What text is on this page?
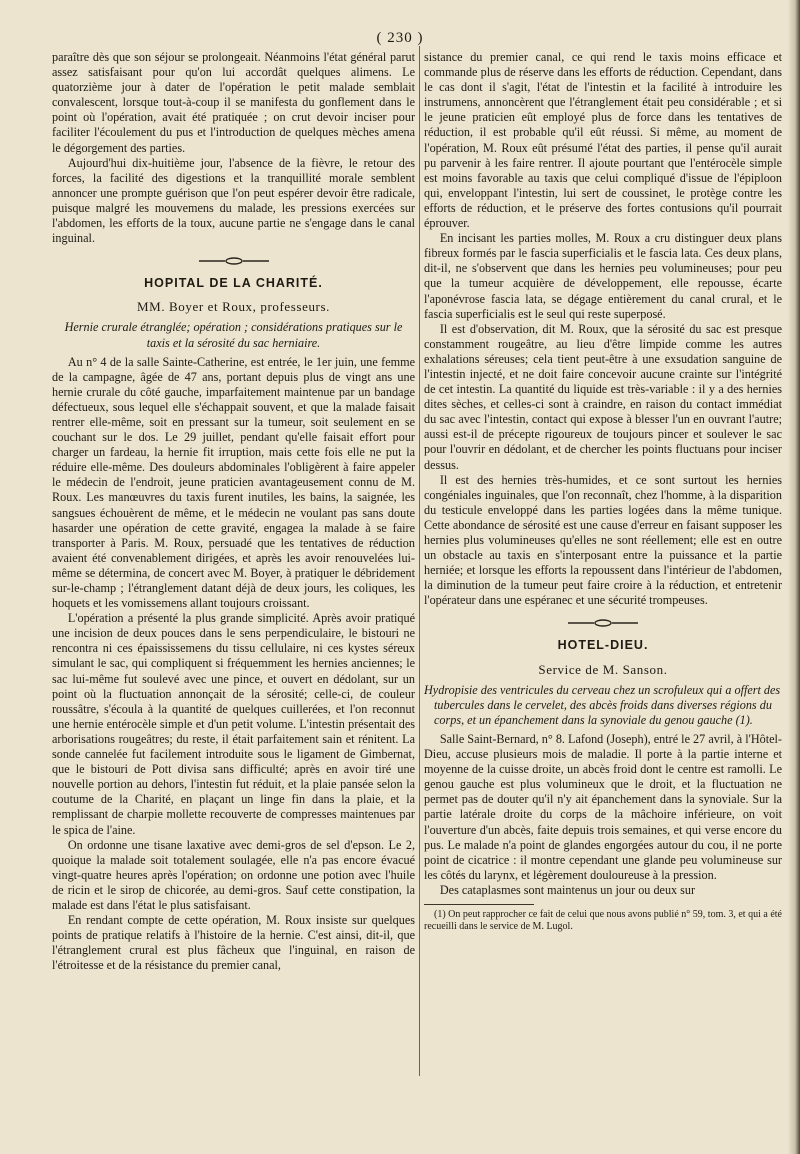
( 230 )

paraître dès que son séjour se prolongeait. Néanmoins l'état général parut assez satisfaisant pour qu'on lui accordât quelques alimens. Le quatorzième jour à dater de l'opération le petit malade semblait convalescent, lorsque tout-à-coup il se manifesta du gonflement dans le point où l'opération, avait été pratiquée ; on crut devoir inciser pour faciliter l'écoulement du pus et l'introduction de quelques mèches amena le dégorgement des parties.

Aujourd'hui dix-huitième jour, l'absence de la fièvre, le retour des forces, la facilité des digestions et la tranquillité morale semblent annoncer une prompte guérison que l'on peut espérer devoir être radicale, puisque malgré les mouvemens du malade, les pressions exercées sur l'abdomen, les efforts de la toux, aucune partie ne s'engage dans le canal inguinal.

HOPITAL DE LA CHARITÉ.
MM. Boyer et Roux, professeurs.

Hernie crurale étranglée; opération ; considérations pratiques sur le taxis et la sérosité du sac herniaire.

Au n° 4 de la salle Sainte-Catherine, est entrée, le 1er juin, une femme de la campagne, âgée de 47 ans, portant depuis plus de vingt ans une hernie crurale du côté gauche, imparfaitement maintenue par un bandage défectueux, sous lequel elle s'échappait souvent, et que la malade faisait rentrer elle-même, soit en pressant sur la tumeur, soit seulement en se couchant sur le dos. Le 29 juillet, pendant qu'elle faisait effort pour charger un fardeau, la hernie fit irruption, mais cette fois elle ne put la réduire elle-même. Des douleurs abdominales l'obligèrent à faire appeler le médecin de l'endroit, jeune praticien avantageusement connu de M. Roux. Les manœuvres du taxis furent inutiles, les bains, la saignée, les sangsues échouèrent de même, et le médecin ne voulant pas sans doute hasarder une opération de cette gravité, engagea la malade à se faire transporter à Paris. M. Roux, persuadé que les tentatives de réduction avaient été convenablement dirigées, et après les avoir renouvelées lui-même se détermina, de concert avec M. Boyer, à pratiquer le débridement sur-le-champ ; l'étranglement datant déjà de deux jours, les coliques, les hoquets et les vomissemens allant toujours croissant.

L'opération a présenté la plus grande simplicité. Après avoir pratiqué une incision de deux pouces dans le sens perpendiculaire, le bistouri ne rencontra ni ces épaississemens du tissu cellulaire, ni ces kystes séreux simulant le sac, qui compliquent si fréquemment les hernies anciennes; le sac lui-même fut soulevé avec une pince, et ouvert en dédolant, sur un point où la fluctuation annonçait de la sérosité; celle-ci, de couleur roussâtre, s'écoula à la quantité de quelques cuillerées, et l'on reconnut une hernie entérocèle simple et d'un petit volume. L'intestin présentait des arborisations rougeâtres; du reste, il était parfaitement sain et rénitent. La sonde cannelée fut facilement introduite sous le ligament de Gimbernat, que le bistouri de Pott divisa sans difficulté; après en avoir tiré une nouvelle portion au dehors, l'intestin fut réduit, et la plaie pansée selon la coutume de la Charité, en plaçant un linge fin dans la plaie, et la remplissant de charpie mollette recouverte de compresses maintenues par le spica de l'aine.

On ordonne une tisane laxative avec demi-gros de sel d'epson. Le 2, quoique la malade soit totalement soulagée, elle n'a pas encore évacué vingt-quatre heures après l'opération; on ordonne une potion avec l'huile de ricin et le sirop de chicorée, au demi-gros. Sauf cette constipation, la malade est dans l'état le plus satisfaisant.

En rendant compte de cette opération, M. Roux insiste sur quelques points de pratique relatifs à l'histoire de la hernie. C'est ainsi, dit-il, que l'étranglement crural est plus fâcheux que l'inguinal, en raison de l'étroitesse et de la résistance du premier canal,

sistance du premier canal, ce qui rend le taxis moins efficace et commande plus de réserve dans les efforts de réduction. Cependant, dans le cas dont il s'agit, l'état de l'intestin et la facilité à introduire les instrumens, annoncèrent que l'étranglement était peu considérable ; et si le jeune praticien eût employé plus de force dans les tentatives de réduction, il est probable qu'il eût réussi. Si même, au moment de l'opération, M. Roux eût présumé l'état des parties, il pense qu'il aurait pu parvenir à les faire rentrer. Il ajoute pourtant que l'entérocèle simple est moins favorable au taxis que celui compliqué d'issue de l'épiploon qui, enveloppant l'intestin, lui sert de coussinet, le protège contre les efforts de réduction, et le préserve des fortes contusions qu'il pourrait éprouver.

En incisant les parties molles, M. Roux a cru distinguer deux plans fibreux formés par le fascia superficialis et le fascia lata. Ces deux plans, dit-il, ne s'observent que dans les hernies peu volumineuses; pour peu que la tumeur acquière de développement, elle repousse, écarte l'aponévrose fascia lata, se dégage entièrement du canal crural, et le fascia superficialis est le seul qui reste superposé.

Il est d'observation, dit M. Roux, que la sérosité du sac est presque constamment rougeâtre, au lieu d'être limpide comme les autres exhalations séreuses; cela tient peut-être à une exsudation sanguine de l'intestin injecté, et ne doit faire concevoir aucune crainte sur l'intégrité de cet intestin. La quantité du liquide est très-variable : il y a des hernies dites sèches, et celles-ci sont à craindre, en raison du contact immédiat du sac avec l'intestin, contact qui expose à blesser l'un en ouvrant l'autre; aussi est-il de précepte rigoureux de toujours pincer et soulever le sac pour l'ouvrir en dédolant, et de chercher les points fluctuans pour inciser dessus.

Il est des hernies très-humides, et ce sont surtout les hernies congéniales inguinales, que l'on reconnaît, chez l'homme, à la disparition du testicule enveloppé dans les parties logées dans la même tunique. Cette abondance de sérosité est une cause d'erreur en faisant supposer les hernies plus volumineuses qu'elles ne sont réellement; elle est en outre un obstacle au taxis en s'interposant entre la puissance et la partie herniée; et lorsque les efforts la repoussent dans l'intérieur de l'abdomen, la diminution de la tumeur peut faire croire à la réduction, et entretenir l'opérateur dans une espéranec et une sécurité trompeuses.

HOTEL-DIEU.
Service de M. Sanson.

Hydropisie des ventricules du cerveau chez un scrofuleux qui a offert des tubercules dans le cervelet, des abcès froids dans diverses régions du corps, et un épanchement dans la synoviale du genou gauche (1).

Salle Saint-Bernard, n° 8. Lafond (Joseph), entré le 27 avril, à l'Hôtel-Dieu, accuse plusieurs mois de maladie. Il porte à la partie interne et moyenne de la cuisse droite, un abcès froid dont le centre est ramolli. Le genou gauche est plus volumineux que le droit, et la fluctuation ne permet pas de douter qu'il n'y ait épanchement dans la synoviale. Sur la partie latérale droite du corps de la mâchoire inférieure, on voit l'ouverture d'un abcès, faite depuis trois semaines, et qui verse encore du pus. Le malade n'a point de glandes engorgées autour du cou, il ne porte point de cicatrice : il montre cependant une glande peu volumineuse sur les côtés du larynx, et légèrement douloureuse à la pression.

Des cataplasmes sont maintenus un jour ou deux sur

(1) On peut rapprocher ce fait de celui que nous avons publié n° 59, tom. 3, et qui a été recueilli dans le service de M. Lugol.
